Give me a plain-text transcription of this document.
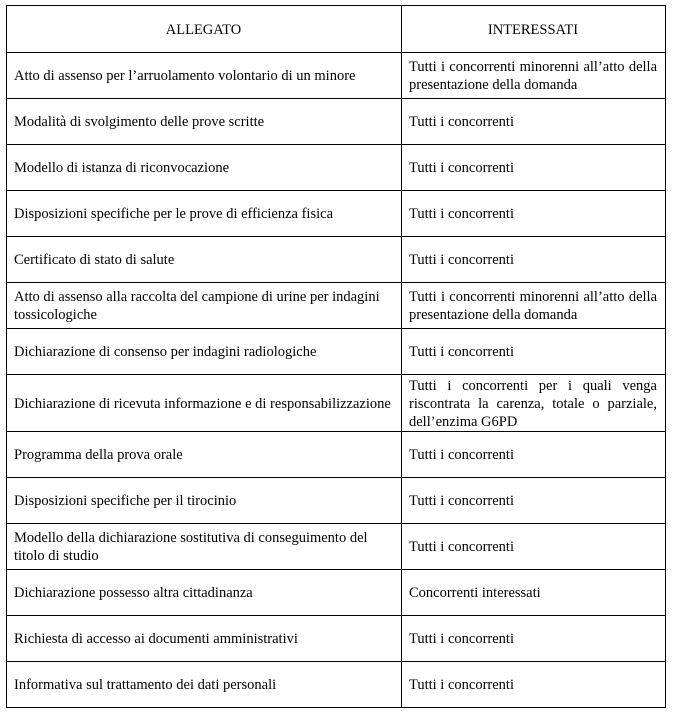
ALLEGATO	INTERESSATI
Atto di assenso per l’arruolamento volontario di un minore	Tutti i concorrenti minorenni all’atto della presentazione della domanda
Modalità di svolgimento delle prove scritte	Tutti i concorrenti
Modello di istanza di riconvocazione	Tutti i concorrenti
Disposizioni specifiche per le prove di efficienza fisica	Tutti i concorrenti
Certificato di stato di salute	Tutti i concorrenti
Atto di assenso alla raccolta del campione di urine per indagini tossicologiche	Tutti i concorrenti minorenni all’atto della presentazione della domanda
Dichiarazione di consenso per indagini radiologiche	Tutti i concorrenti
Dichiarazione di ricevuta informazione e di responsabilizzazione	Tutti i concorrenti per i quali venga riscontrata la carenza, totale o parziale, dell’enzima G6PD
Programma della prova orale	Tutti i concorrenti
Disposizioni specifiche per il tirocinio	Tutti i concorrenti
Modello della dichiarazione sostitutiva di conseguimento del titolo di studio	Tutti i concorrenti
Dichiarazione possesso altra cittadinanza	Concorrenti interessati
Richiesta di accesso ai documenti amministrativi	Tutti i concorrenti
Informativa sul trattamento dei dati personali	Tutti i concorrenti
